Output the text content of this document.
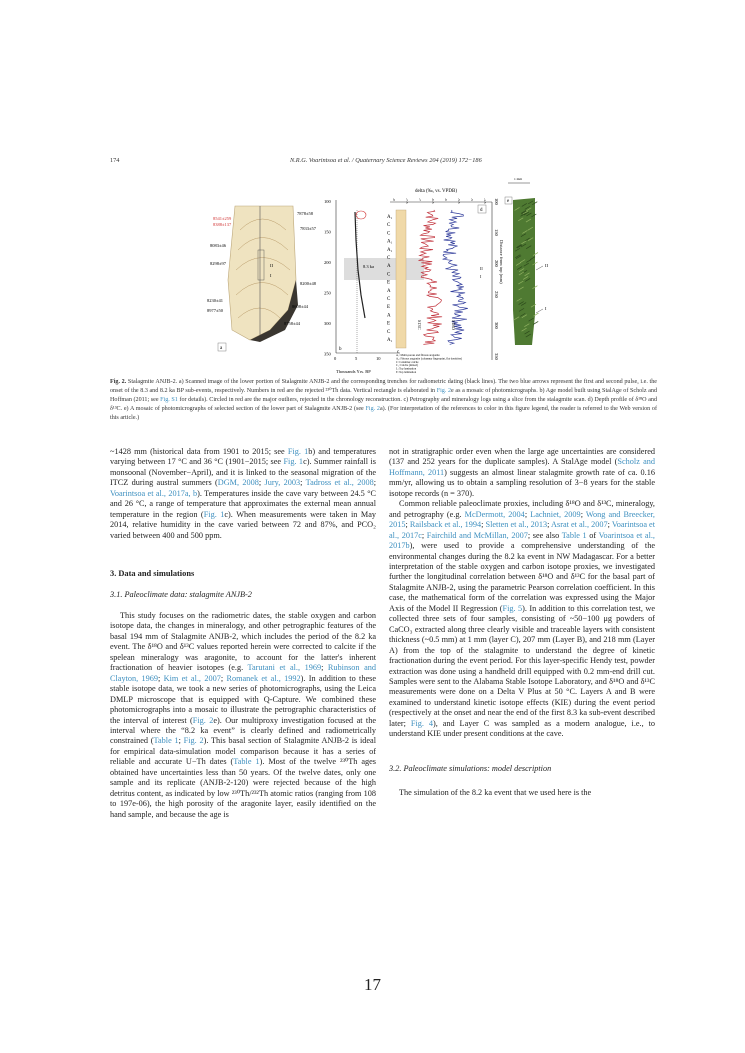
174	N.R.G. Voarintsoa et al. / Quaternary Science Reviews 204 (2019) 172−186
8541±259
8388±137
8083±46
8298±97
8230±41
8977±50
7878±58
7833±57
8200±48
8608±44
8758±44
II
I
a
100
150
200
250
300
350
0	5	10
8.3 ka
b
Thousands Yrs. BP
A₁
C
C
A₁
A₁
C
A
C
E
A
C
E
A
E
C
A₁
c
A₁: Multi-porous and fibrous aragonite
A₂: Fibrous aragonite (columnar fingerprint, flat dendrites)
C: Columnar calcite
C₂: Calcite (mixed)
L: Top lamination
E: Top lamination
-8	-7.5	-7	-6.5	-6	-5.5	-5	-4.5 100
150
200
250
300
350
delta (‰, vs. VPDB)
Distance from top (mm)
δ13C	δ18O
d
II
I
1 mm
e
II
I
Fig. 2. Stalagmite ANJB-2. a) Scanned image of the lower portion of Stalagmite ANJB-2 and the corresponding trenches for radiometric dating (black lines). The two blue arrows represent the first and second pulse, i.e. the onset of the 8.3 and 8.2 ka BP sub-events, respectively. Numbers in red are the rejected ²³⁰Th data. Vertical rectangle is elaborated in Fig. 2e as a mosaic of photomicrographs. b) Age model built using StalAge of Scholz and Hoffman (2011; see Fig. S1 for details). Circled in red are the major outliers, rejected in the chronology reconstruction. c) Petrography and mineralogy logs using a slice from the stalagmite scan. d) Depth profile of δ¹⁸O and δ¹³C. e) A mosaic of photomicrographs of selected section of the lower part of Stalagmite ANJB-2 (see Fig. 2a). (For interpretation of the references to color in this figure legend, the reader is referred to the Web version of this article.)

~1428 mm (historical data from 1901 to 2015; see Fig. 1b) and temperatures varying between 17 °C and 36 °C (1901−2015; see Fig. 1c). Summer rainfall is monsoonal (November−April), and it is linked to the seasonal migration of the ITCZ during austral summers (DGM, 2008; Jury, 2003; Tadross et al., 2008; Voarintsoa et al., 2017a, b). Temperatures inside the cave vary between 24.5 °C and 26 °C, a range of temperature that approximates the external mean annual temperature in the region (Fig. 1c). When measurements were taken in May 2014, relative humidity in the cave varied between 72 and 87%, and PCO₂ varied between 400 and 500 ppm.

3. Data and simulations
3.1. Paleoclimate data: stalagmite ANJB-2

This study focuses on the radiometric dates, the stable oxygen and carbon isotope data, the changes in mineralogy, and other petrographic features of the basal 194 mm of Stalagmite ANJB-2, which includes the period of the 8.2 ka event. The δ¹⁸O and δ¹³C values reported herein were corrected to calcite if the spelean mineralogy was aragonite, to account for the latter's inherent fractionation of heavier isotopes (e.g. Tarutani et al., 1969; Rubinson and Clayton, 1969; Kim et al., 2007; Romanek et al., 1992). In addition to these stable isotope data, we took a new series of photomicrographs, using the Leica DMLP microscope that is equipped with Q-Capture. We combined these photomicrographs into a mosaic to illustrate the petrographic characteristics of the interval of interest (Fig. 2e). Our multiproxy investigation focused at the interval where the “8.2 ka event” is clearly defined and radiometrically constrained (Table 1; Fig. 2). This basal section of Stalagmite ANJB-2 is ideal for empirical data-simulation model comparison because it has a series of reliable and accurate U−Th dates (Table 1). Most of the twelve ²³⁰Th ages obtained have uncertainties less than 50 years. Of the twelve dates, only one sample and its replicate (ANJB-2-120) were rejected because of the high detritus content, as indicated by low ²³⁰Th/²³²Th atomic ratios (ranging from 108 to 197e-06), the high porosity of the aragonite layer, easily identified on the hand sample, and because the age is

not in stratigraphic order even when the large age uncertainties are considered (137 and 252 years for the duplicate samples). A StalAge model (Scholz and Hoffmann, 2011) suggests an almost linear stalagmite growth rate of ca. 0.16 mm/yr, allowing us to obtain a sampling resolution of 3−8 years for the stable isotope records (n = 370).

Common reliable paleoclimate proxies, including δ¹⁸O and δ¹³C, mineralogy, and petrography (e.g. McDermott, 2004; Lachniet, 2009; Wong and Breecker, 2015; Railsback et al., 1994; Sletten et al., 2013; Asrat et al., 2007; Voarintsoa et al., 2017c; Fairchild and McMillan, 2007; see also Table 1 of Voarintsoa et al., 2017b), were used to provide a comprehensive understanding of the environmental changes during the 8.2 ka event in NW Madagascar. For a better interpretation of the stable oxygen and carbon isotope proxies, we investigated further the longitudinal correlation between δ¹⁸O and δ¹³C for the basal part of Stalagmite ANJB-2, using the parametric Pearson correlation coefficient. In this case, the mathematical form of the correlation was expressed using the Major Axis of the Model II Regression (Fig. 5). In addition to this correlation test, we collected three sets of four samples, consisting of ~50−100 μg powders of CaCO₃ extracted along three clearly visible and traceable layers with consistent thickness (~0.5 mm) at 1 mm (layer C), 207 mm (Layer B), and 218 mm (Layer A) from the top of the stalagmite to understand the degree of kinetic fractionation during the event period. For this layer-specific Hendy test, powder extraction was done using a handheld drill equipped with 0.2 mm-end drill cut. Samples were sent to the Alabama Stable Isotope Laboratory, and δ¹⁸O and δ¹³C measurements were done on a Delta V Plus at 50 °C. Layers A and B were examined to understand kinetic isotope effects (KIE) during the event period (respectively at the onset and near the end of the first 8.3 ka sub-event described later; Fig. 4), and Layer C was sampled as a modern analogue, i.e., to understand KIE under present conditions at the cave.

3.2. Paleoclimate simulations: model description

The simulation of the 8.2 ka event that we used here is the

17
